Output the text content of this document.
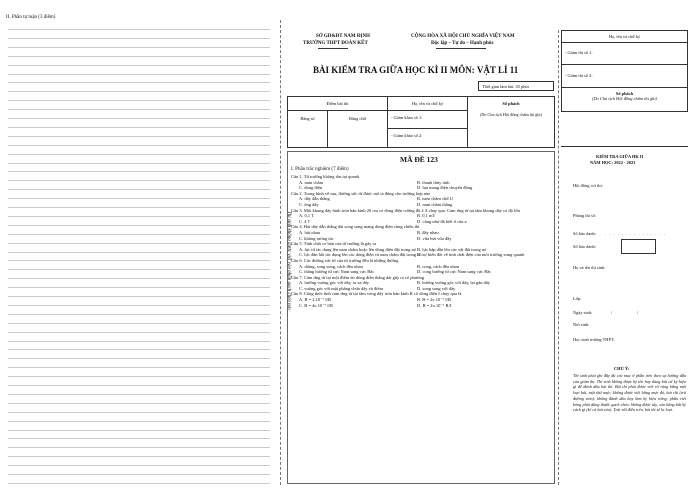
II. Phần tự luận (3 điểm)
Thí sinh không được viết vào phần gạch chéo này
SỞ GD&ĐT NAM ĐỊNH
TRƯỜNG THPT ĐOÀN KẾT
CỘNG HÒA XÃ HỘI CHỦ NGHĨA VIỆT NAM
Độc lập – Tự do – Hạnh phúc
BÀI KIỂM TRA GIỮA HỌC KÌ II MÔN: VẬT LÍ 11
Thời gian làm bài: 45 phút
Điểm bài thi	Họ, tên và chữ ký	Số phách
(Do Chủ tịch Hội đồng chấm thi ghi)
Bằng số	Bằng chữ	- Giám khảo số 1:
- Giám khảo số 2:
MÃ ĐỀ 123
I. Phần trắc nghiệm (7 điểm)
Câu 1. Từ trường không tồn tại quanh
A. nam châm	B. thanh thủy tinh
C. dòng điện	D. hạt mang điện chuyển động
Câu 2. Trong hình vẽ sau, đường sức từ được mô tả đúng cho trường hợp nào
A. dây dẫn thẳng	B. nam châm chữ U
C. ống dây	D. nam châm thẳng
Câu 3. Một khung dây hình tròn bán kính 20 cm có dòng điện cường độ 2 A chạy qua. Cảm ứng từ tại tâm khung dây có độ lớn
A. 0,1 T	B. 0,1 mT
C. 4 T	D. cũng như đã biết ở câu a
Câu 4. Hai dây dẫn thẳng dài song song mang dòng điện cùng chiều thì
A. hút nhau	B. đẩy nhau
C. không tương tác	D. vừa hút vừa đẩy
Câu 5. Tính chất cơ bản của từ trường là gây ra
A. lực từ tác dụng lên nam châm hoặc lên dòng điện đặt trong nó B. lực hấp dẫn lên các vật đặt trong nó
C. lực đàn hồi tác dụng lên các dòng điện và nam châm đặt trong nó
D. sự biến đổi về tính chất điện của môi trường xung quanh
Câu 6. Các đường sức từ của từ trường đều là những đường
A. thẳng, song song, cách đều nhau	B. cong, cách đều nhau
C. thẳng hướng từ cực Nam sang cực Bắc	D. cong hướng từ cực Nam sang cực Bắc
Câu 7. Cảm ứng từ tại một điểm do dòng điện thẳng dài gây ra có phương
A. hướng vuông góc với dây, ra xa dây	B. hướng vuông góc với dây, lại gần dây
C. vuông góc với mặt phẳng chứa dây và điểm	D. song song với dây
Câu 8. Công thức tính cảm ứng từ tại tâm vòng dây tròn bán kính R có dòng điện I chạy qua là
A. B = 2.10⁻⁷ I/R	B. B = 2π.10⁻⁷ I/R
C. B = 4π.10⁻⁷ I/R	D. B = 2π.10⁻⁷ R/I
Họ, tên và chữ ký
- Giám thị số 1:
- Giám thị số 2:
Số phách
(Do Chủ tịch Hội đồng chấm thi ghi)
KIỂM TRA GIỮA HK II
NĂM HỌC: 2022 - 2023
Hội đồng coi thi:
Phòng thi số:
Số báo danh: . . . . . . . . . . . . . . .
Số báo danh:
Họ và tên thí sinh:
Lớp:
Ngày sinh:	/	/
Nơi sinh:
Học sinh trường THPT:
CHÚ Ý:
Thí sinh phải ghi đầy đủ các mục ở phần trên theo sự hướng dẫn của giám thị. Thí sinh không được ký tên hay dùng bất cứ ký hiệu gì để đánh dấu bài thi. Bài thi phải được viết rõ ràng bằng một loại bút, một thứ mực; không được viết bằng mực đỏ, bút chì (trừ đường tròn); không đánh dấu hay làm ký hiệu riêng; phần viết hỏng phải dùng thước gạch chéo; không được tẩy, xóa bằng bất kỳ cách gì (kể cả bút xóa). Trái với điều trên, bài thi sẽ bị loại.
